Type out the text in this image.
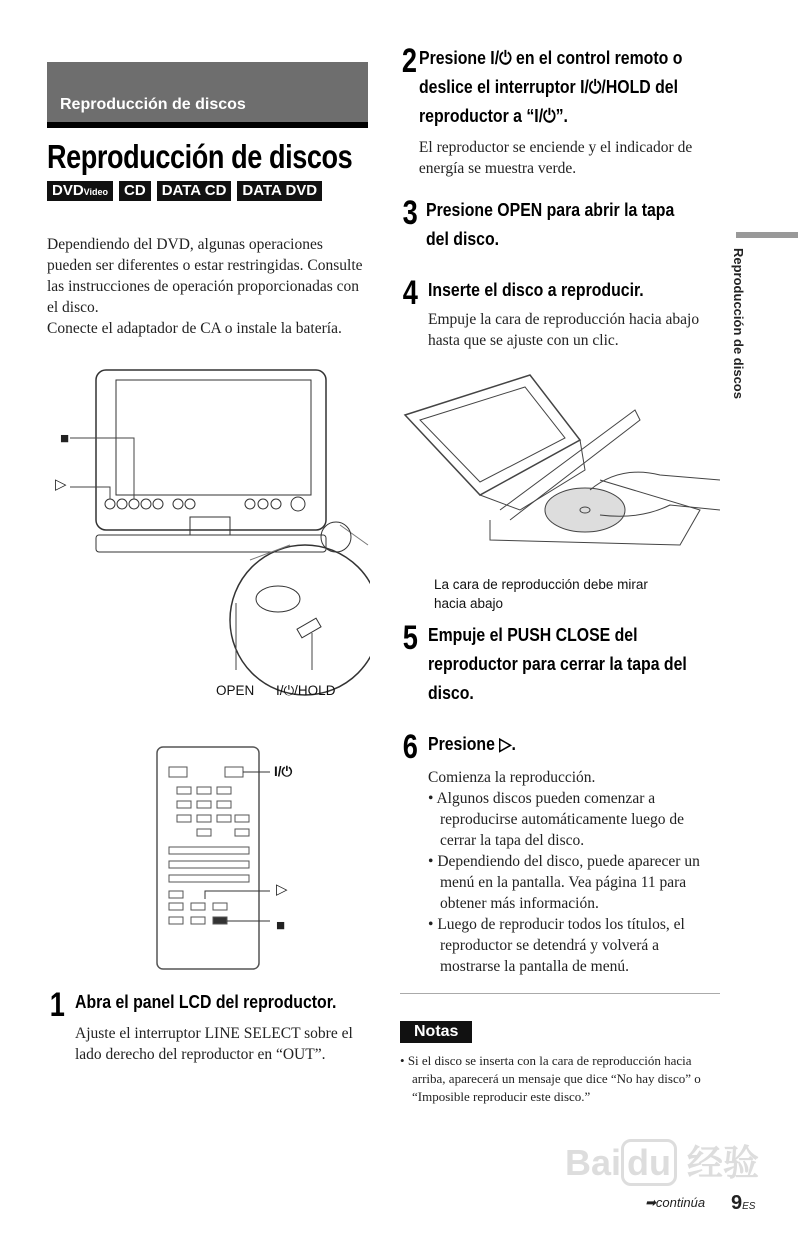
Reproducción de discos
Reproducción de discos
DVDVideo	CD	DATA CD	DATA DVD
Dependiendo del DVD, algunas operaciones pueden ser diferentes o estar restringidas. Consulte las instrucciones de operación proporcionadas con el disco.
Conecte el adaptador de CA o instale la batería.
■
▷
OPEN I/⏻/HOLD
I/⏻
▷
■
1 Abra el panel LCD del reproductor.
Ajuste el interruptor LINE SELECT sobre el lado derecho del reproductor en “OUT”.
2 Presione I/⏻ en el control remoto o deslice el interruptor I/⏻/HOLD del reproductor a “I/⏻”.
El reproductor se enciende y el indicador de energía se muestra verde.
3 Presione OPEN para abrir la tapa del disco.
4 Inserte el disco a reproducir.
Empuje la cara de reproducción hacia abajo hasta que se ajuste con un clic.
La cara de reproducción debe mirar hacia abajo
5 Empuje el PUSH CLOSE del reproductor para cerrar la tapa del disco.
6 Presione ▷.
Comienza la reproducción.
• Algunos discos pueden comenzar a reproducirse automáticamente luego de cerrar la tapa del disco.
• Dependiendo del disco, puede aparecer un menú en la pantalla. Vea página 11 para obtener más información.
• Luego de reproducir todos los títulos, el reproductor se detendrá y volverá a mostrarse la pantalla de menú.
Notas
• Si el disco se inserta con la cara de reproducción hacia arriba, aparecerá un mensaje que dice “No hay disco” o “Imposible reproducir este disco.”
Reproducción de discos
Bai du 经验
➡continúa 9ES
